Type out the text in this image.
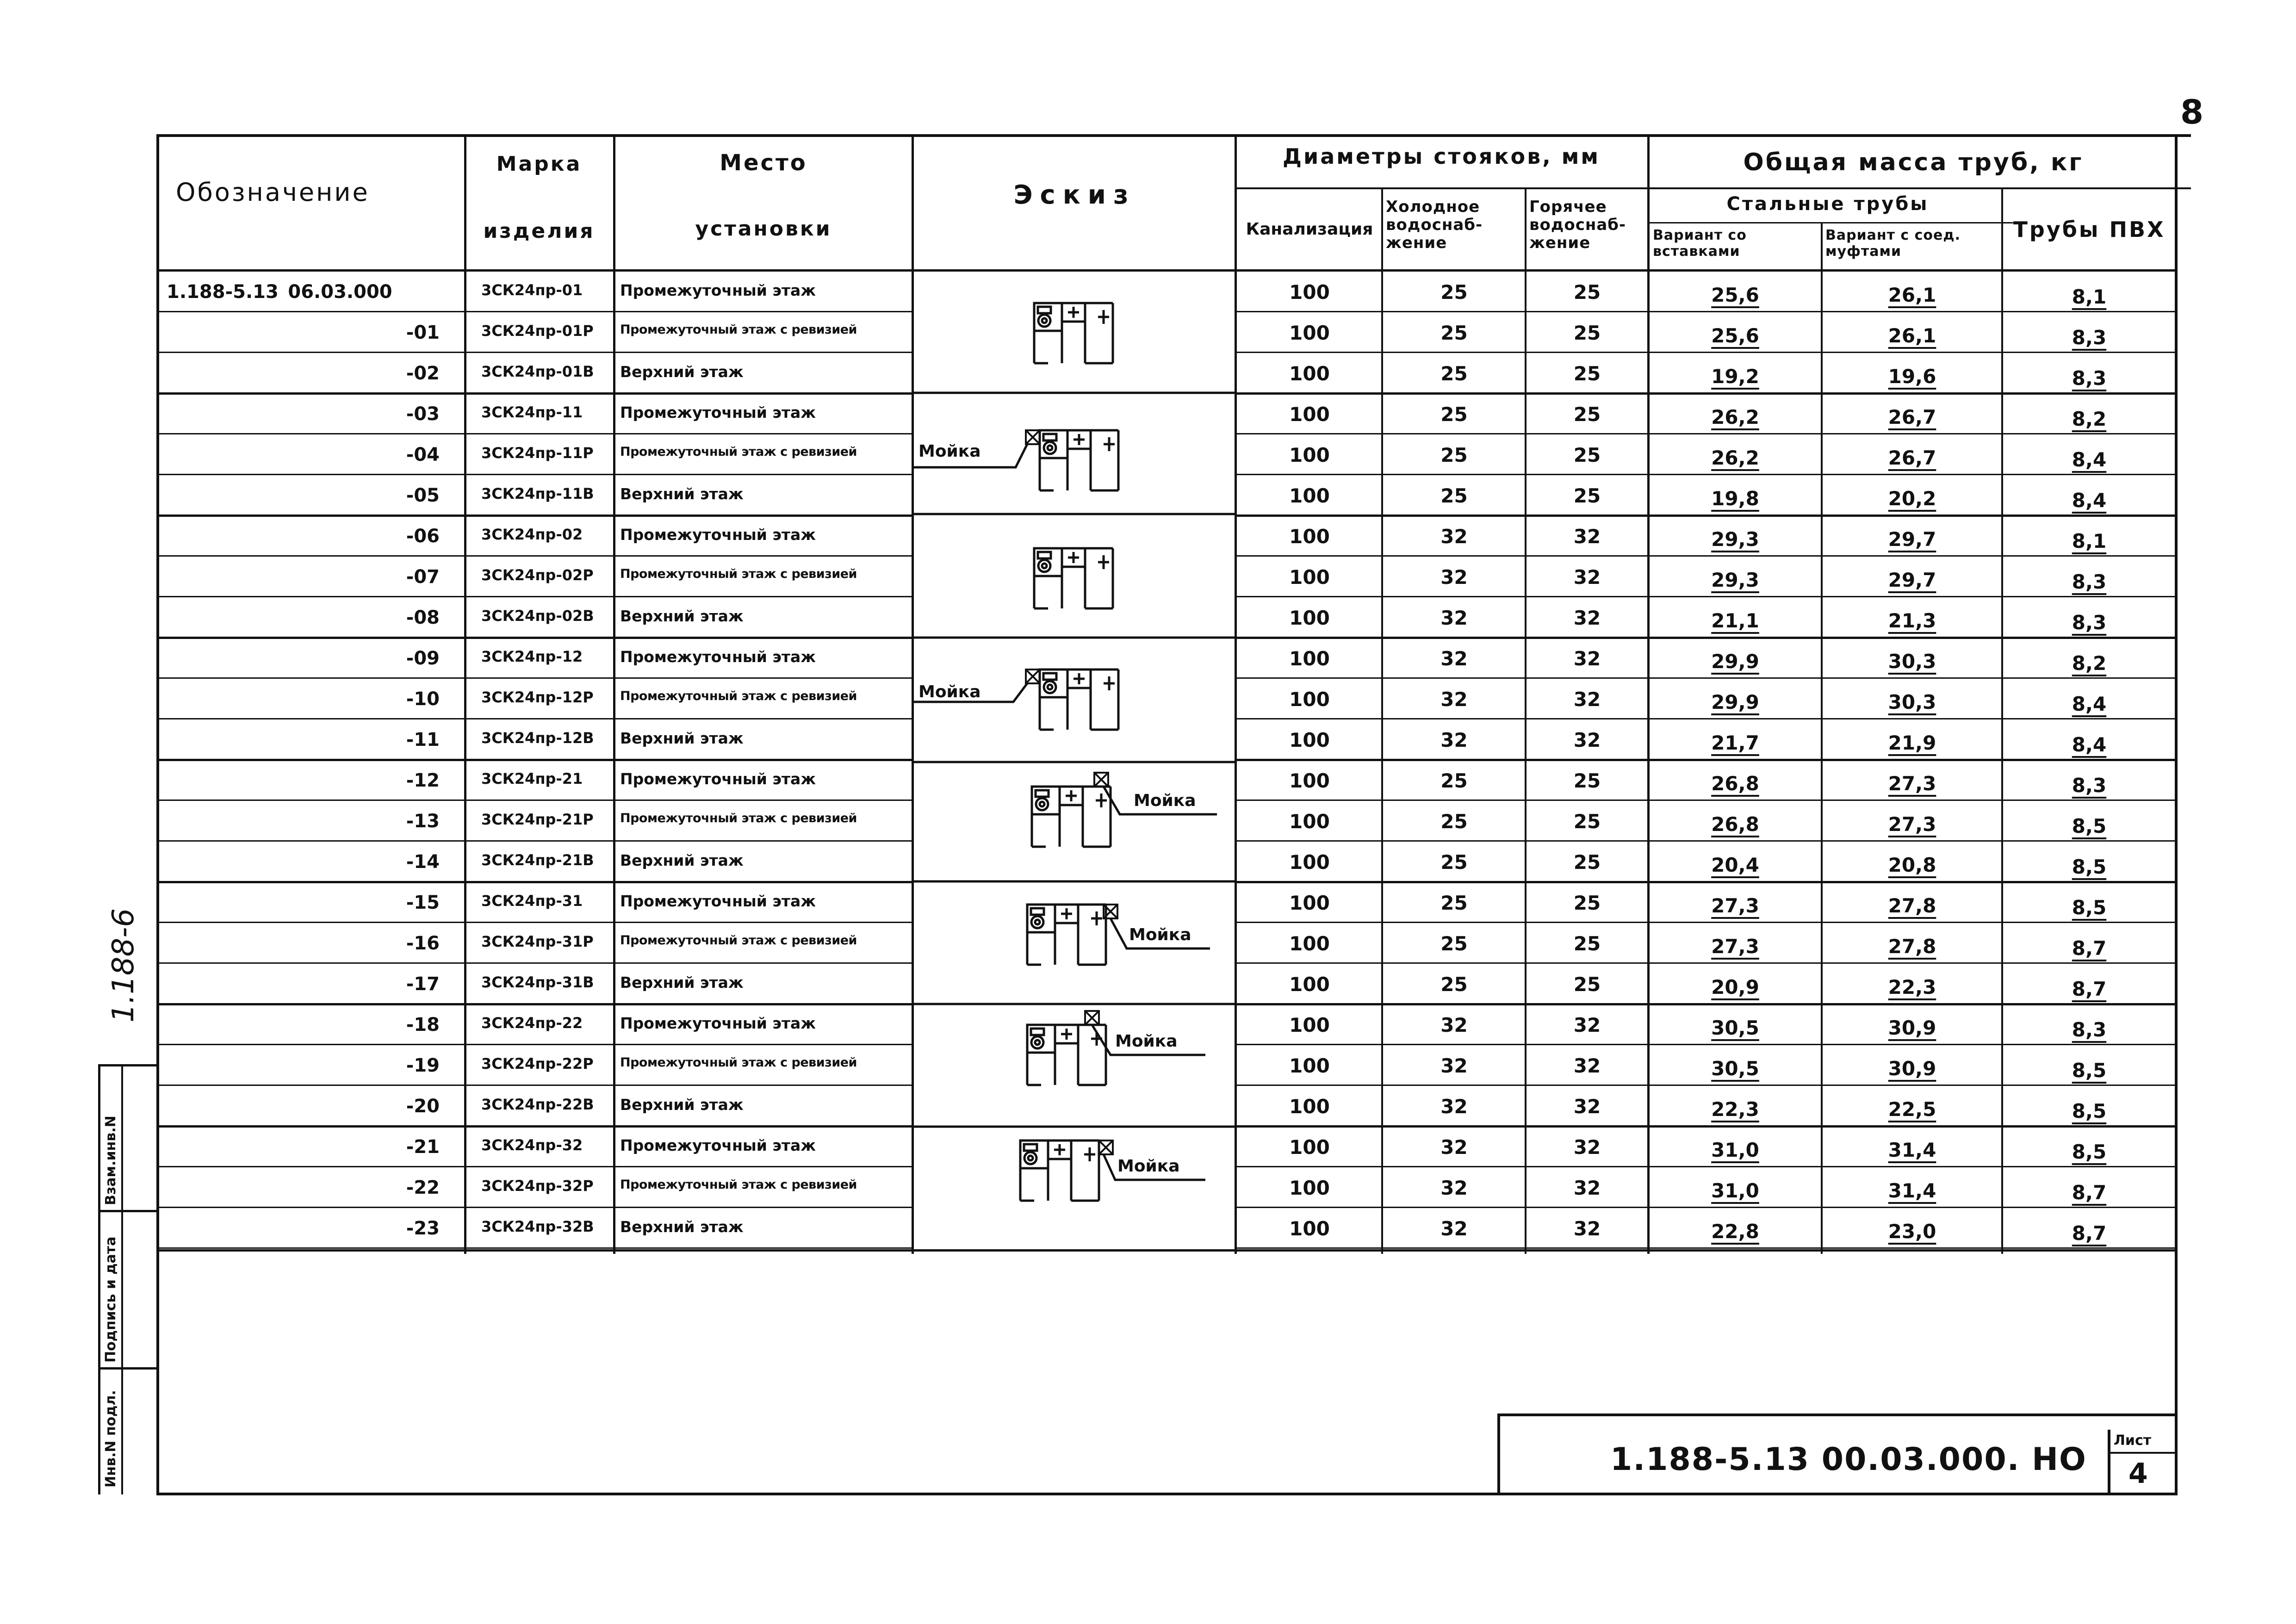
8
1.188-6
Инв.N подл.
Подпись и дата
Взам.инв.N
Обозначение
Марка
изделия
Место
установки
Эскиз
Диаметры стояков, мм
Канализация
Холодное водоснаб-жение
Горячее водоснаб-жение
Общая масса труб, кг
Стальные трубы
Вариант со вставками
Вариант с соед. муфтами
Трубы ПВХ
1.188-5.13 06.03.000	3СК24пр-01	Промежуточный этаж	100	25	25	25,6	26,1	8,1
-01	3СК24пр-01Р	Промежуточный этаж с ревизией	100	25	25	25,6	26,1	8,3
-02	3СК24пр-01В	Верхний этаж	100	25	25	19,2	19,6	8,3
-03	3СК24пр-11	Промежуточный этаж	100	25	25	26,2	26,7	8,2
-04	3СК24пр-11Р	Промежуточный этаж с ревизией	100	25	25	26,2	26,7	8,4
-05	3СК24пр-11В	Верхний этаж	100	25	25	19,8	20,2	8,4
-06	3СК24пр-02	Промежуточный этаж	100	32	32	29,3	29,7	8,1
-07	3СК24пр-02Р	Промежуточный этаж с ревизией	100	32	32	29,3	29,7	8,3
-08	3СК24пр-02В	Верхний этаж	100	32	32	21,1	21,3	8,3
-09	3СК24пр-12	Промежуточный этаж	100	32	32	29,9	30,3	8,2
-10	3СК24пр-12Р	Промежуточный этаж с ревизией	100	32	32	29,9	30,3	8,4
-11	3СК24пр-12В	Верхний этаж	100	32	32	21,7	21,9	8,4
-12	3СК24пр-21	Промежуточный этаж	100	25	25	26,8	27,3	8,3
-13	3СК24пр-21Р	Промежуточный этаж с ревизией	100	25	25	26,8	27,3	8,5
-14	3СК24пр-21В	Верхний этаж	100	25	25	20,4	20,8	8,5
-15	3СК24пр-31	Промежуточный этаж	100	25	25	27,3	27,8	8,5
-16	3СК24пр-31Р	Промежуточный этаж с ревизией	100	25	25	27,3	27,8	8,7
-17	3СК24пр-31В	Верхний этаж	100	25	25	20,9	22,3	8,7
-18	3СК24пр-22	Промежуточный этаж	100	32	32	30,5	30,9	8,3
-19	3СК24пр-22Р	Промежуточный этаж с ревизией	100	32	32	30,5	30,9	8,5
-20	3СК24пр-22В	Верхний этаж	100	32	32	22,3	22,5	8,5
-21	3СК24пр-32	Промежуточный этаж	100	32	32	31,0	31,4	8,5
-22	3СК24пр-32Р	Промежуточный этаж с ревизией	100	32	32	31,0	31,4	8,7
-23	3СК24пр-32В	Верхний этаж	100	32	32	22,8	23,0	8,7
Мойка
Мойка
Мойка
Мойка
Мойка
Мойка
1.188-5.13 00.03.000. НО
Лист
4
